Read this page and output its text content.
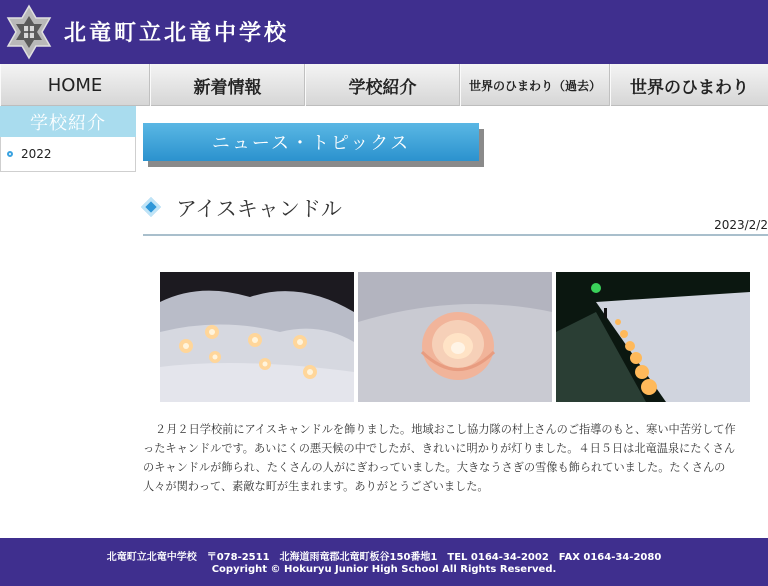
北竜町立北竜中学校
HOME	新着情報	学校紹介	世界のひまわり（過去）	世界のひまわり
学校紹介
2022	ニュース・トピックス
アイスキャンドル
2023/2/2

２月２日学校前にアイスキャンドルを飾りました。地域おこし協力隊の村上さんのご指導のもと、寒い中苦労して作ったキャンドルです。あいにくの悪天候の中でしたが、きれいに明かりが灯りました。４日５日は北竜温泉にたくさんのキャンドルが飾られ、たくさんの人がにぎわっていました。大きなうさぎの雪像も飾られていました。たくさんの人々が関わって、素敵な町が生まれます。ありがとうございました。

北竜町立北竜中学校　〒078-2511　北海道雨竜郡北竜町板谷150番地1　TEL 0164-34-2002　FAX 0164-34-2080
Copyright © Hokuryu Junior High School All Rights Reserved.
